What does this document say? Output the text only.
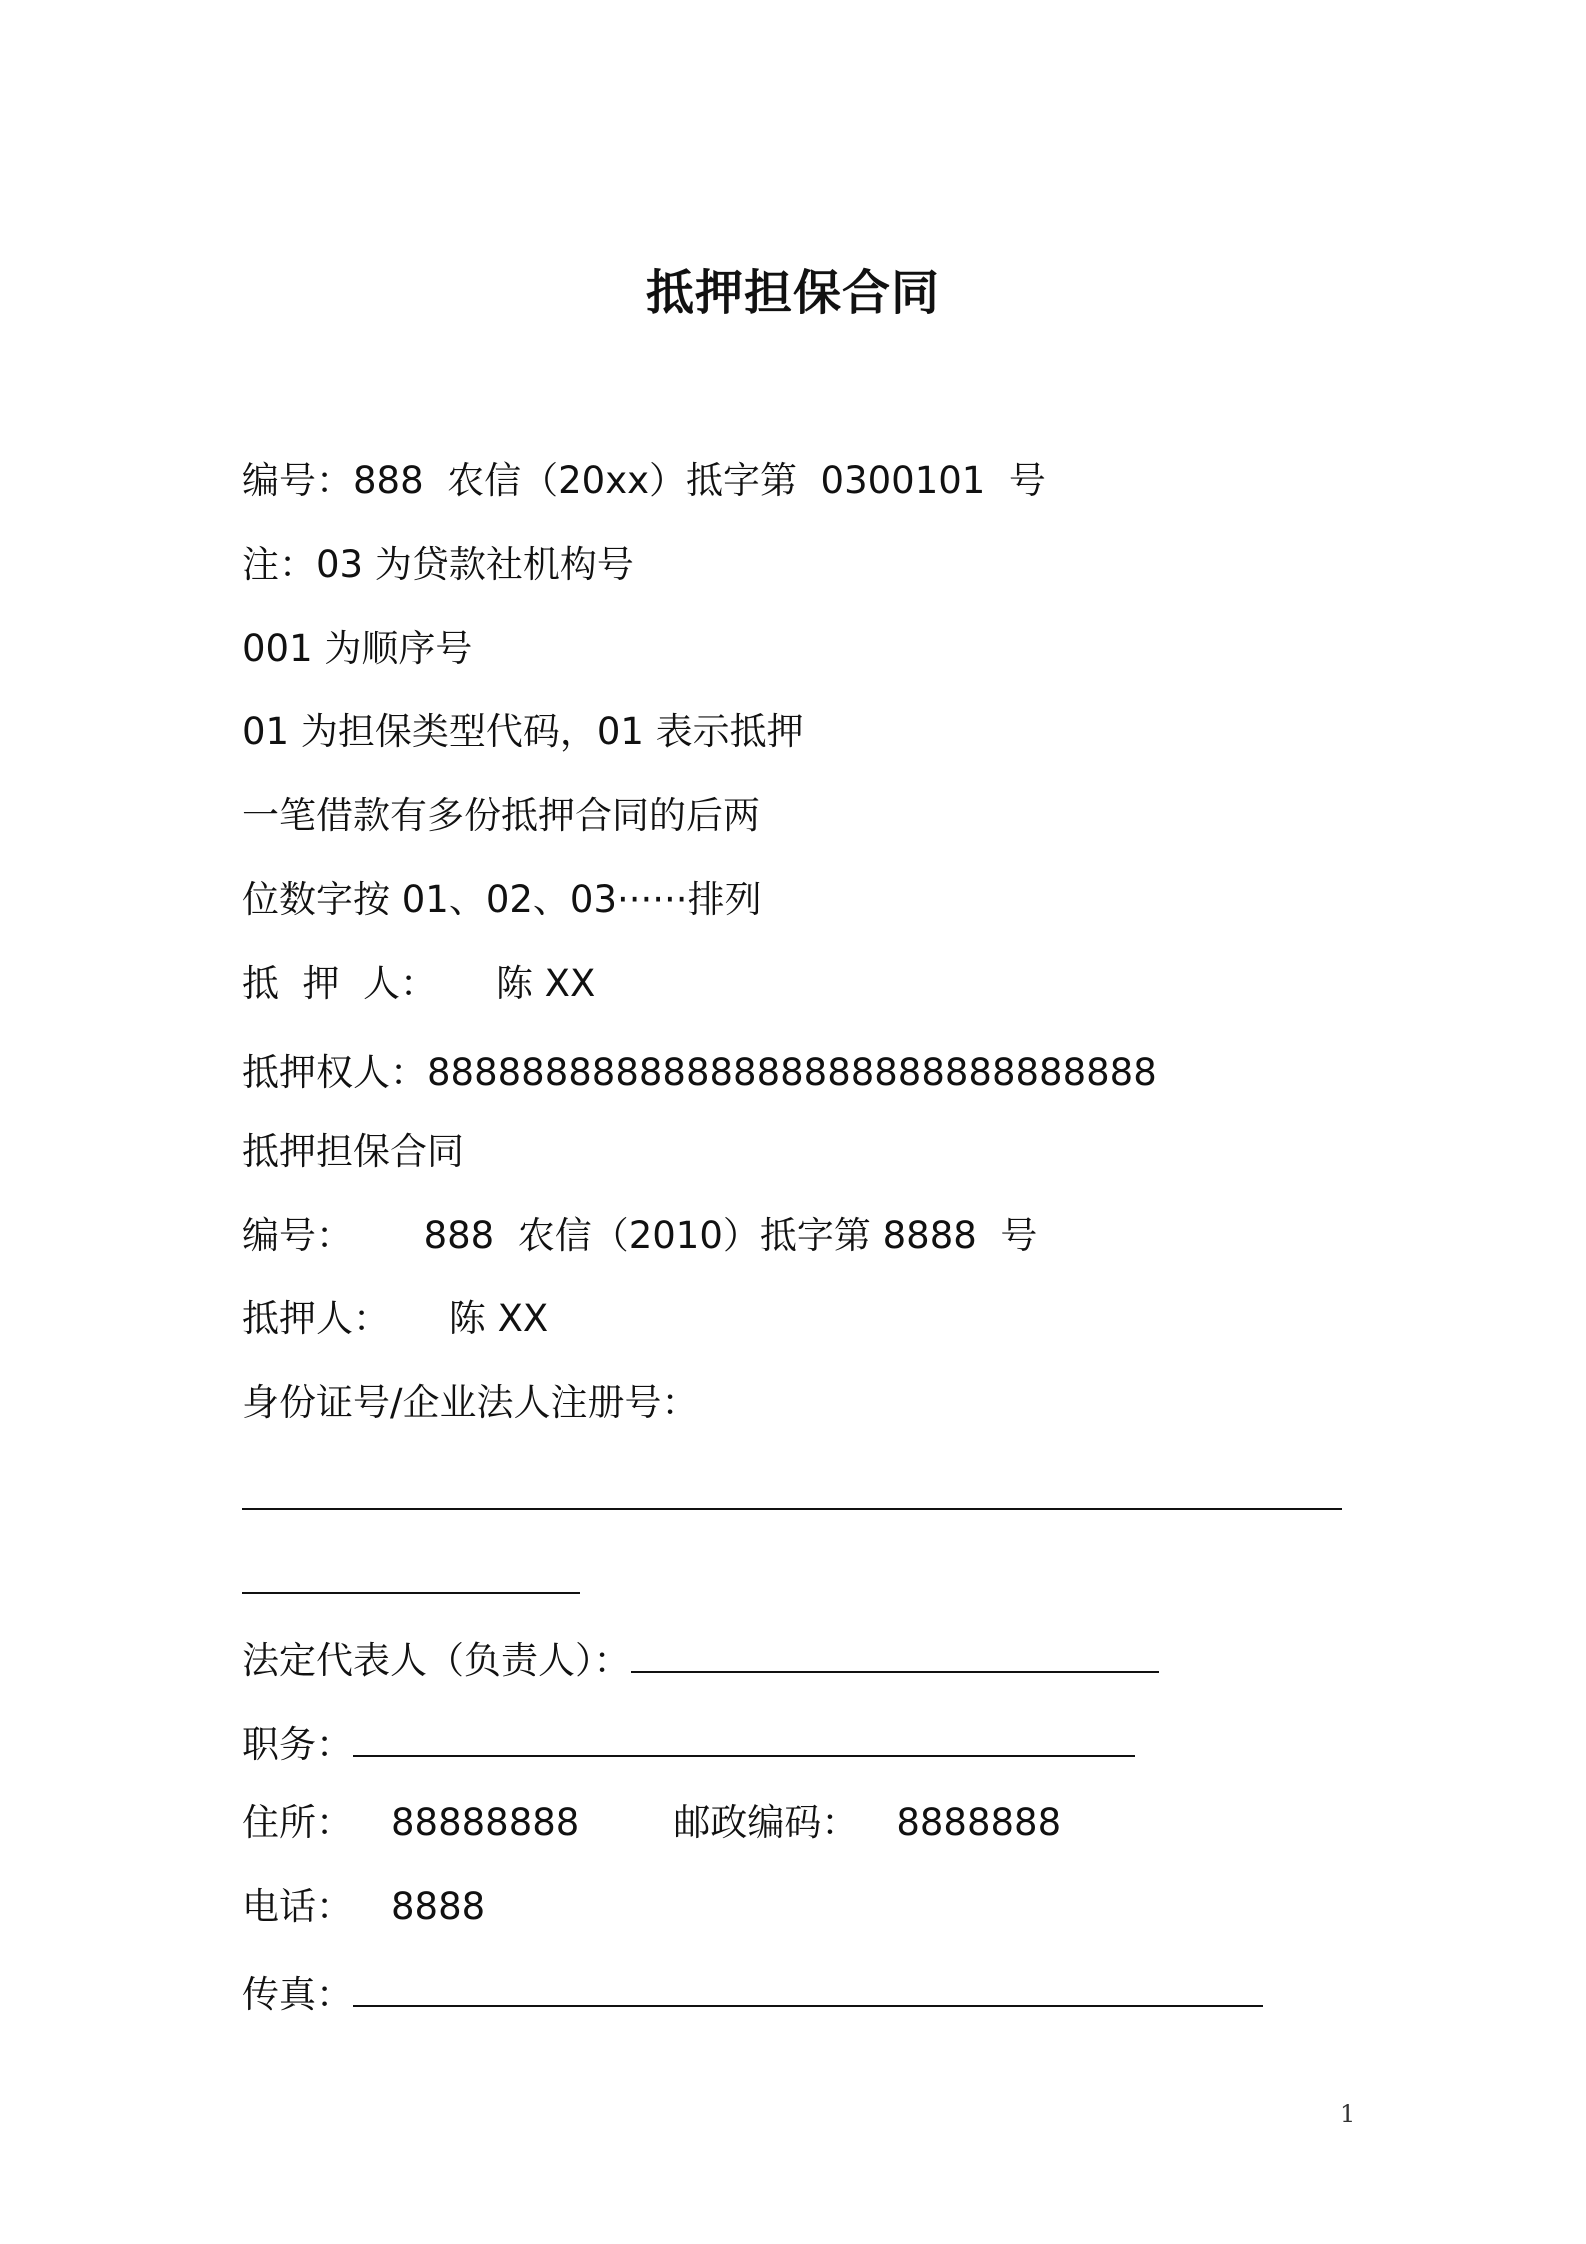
抵押担保合同
编号：888  农信（20xx）抵字第  0300101  号
注：03 为贷款社机构号
001 为顺序号
01 为担保类型代码，01 表示抵押
一笔借款有多份抵押合同的后两
位数字按 01、02、03······排列
抵  押  人：     陈 XX
抵押权人：8888888888888888888888888888888
抵押担保合同
编号：      888  农信（2010）抵字第 8888  号
抵押人：     陈 XX
身份证号/企业法人注册号：
法定代表人（负责人）：
职务：
住所： 88888888	邮政编码： 8888888
电话： 8888
传真：
1
